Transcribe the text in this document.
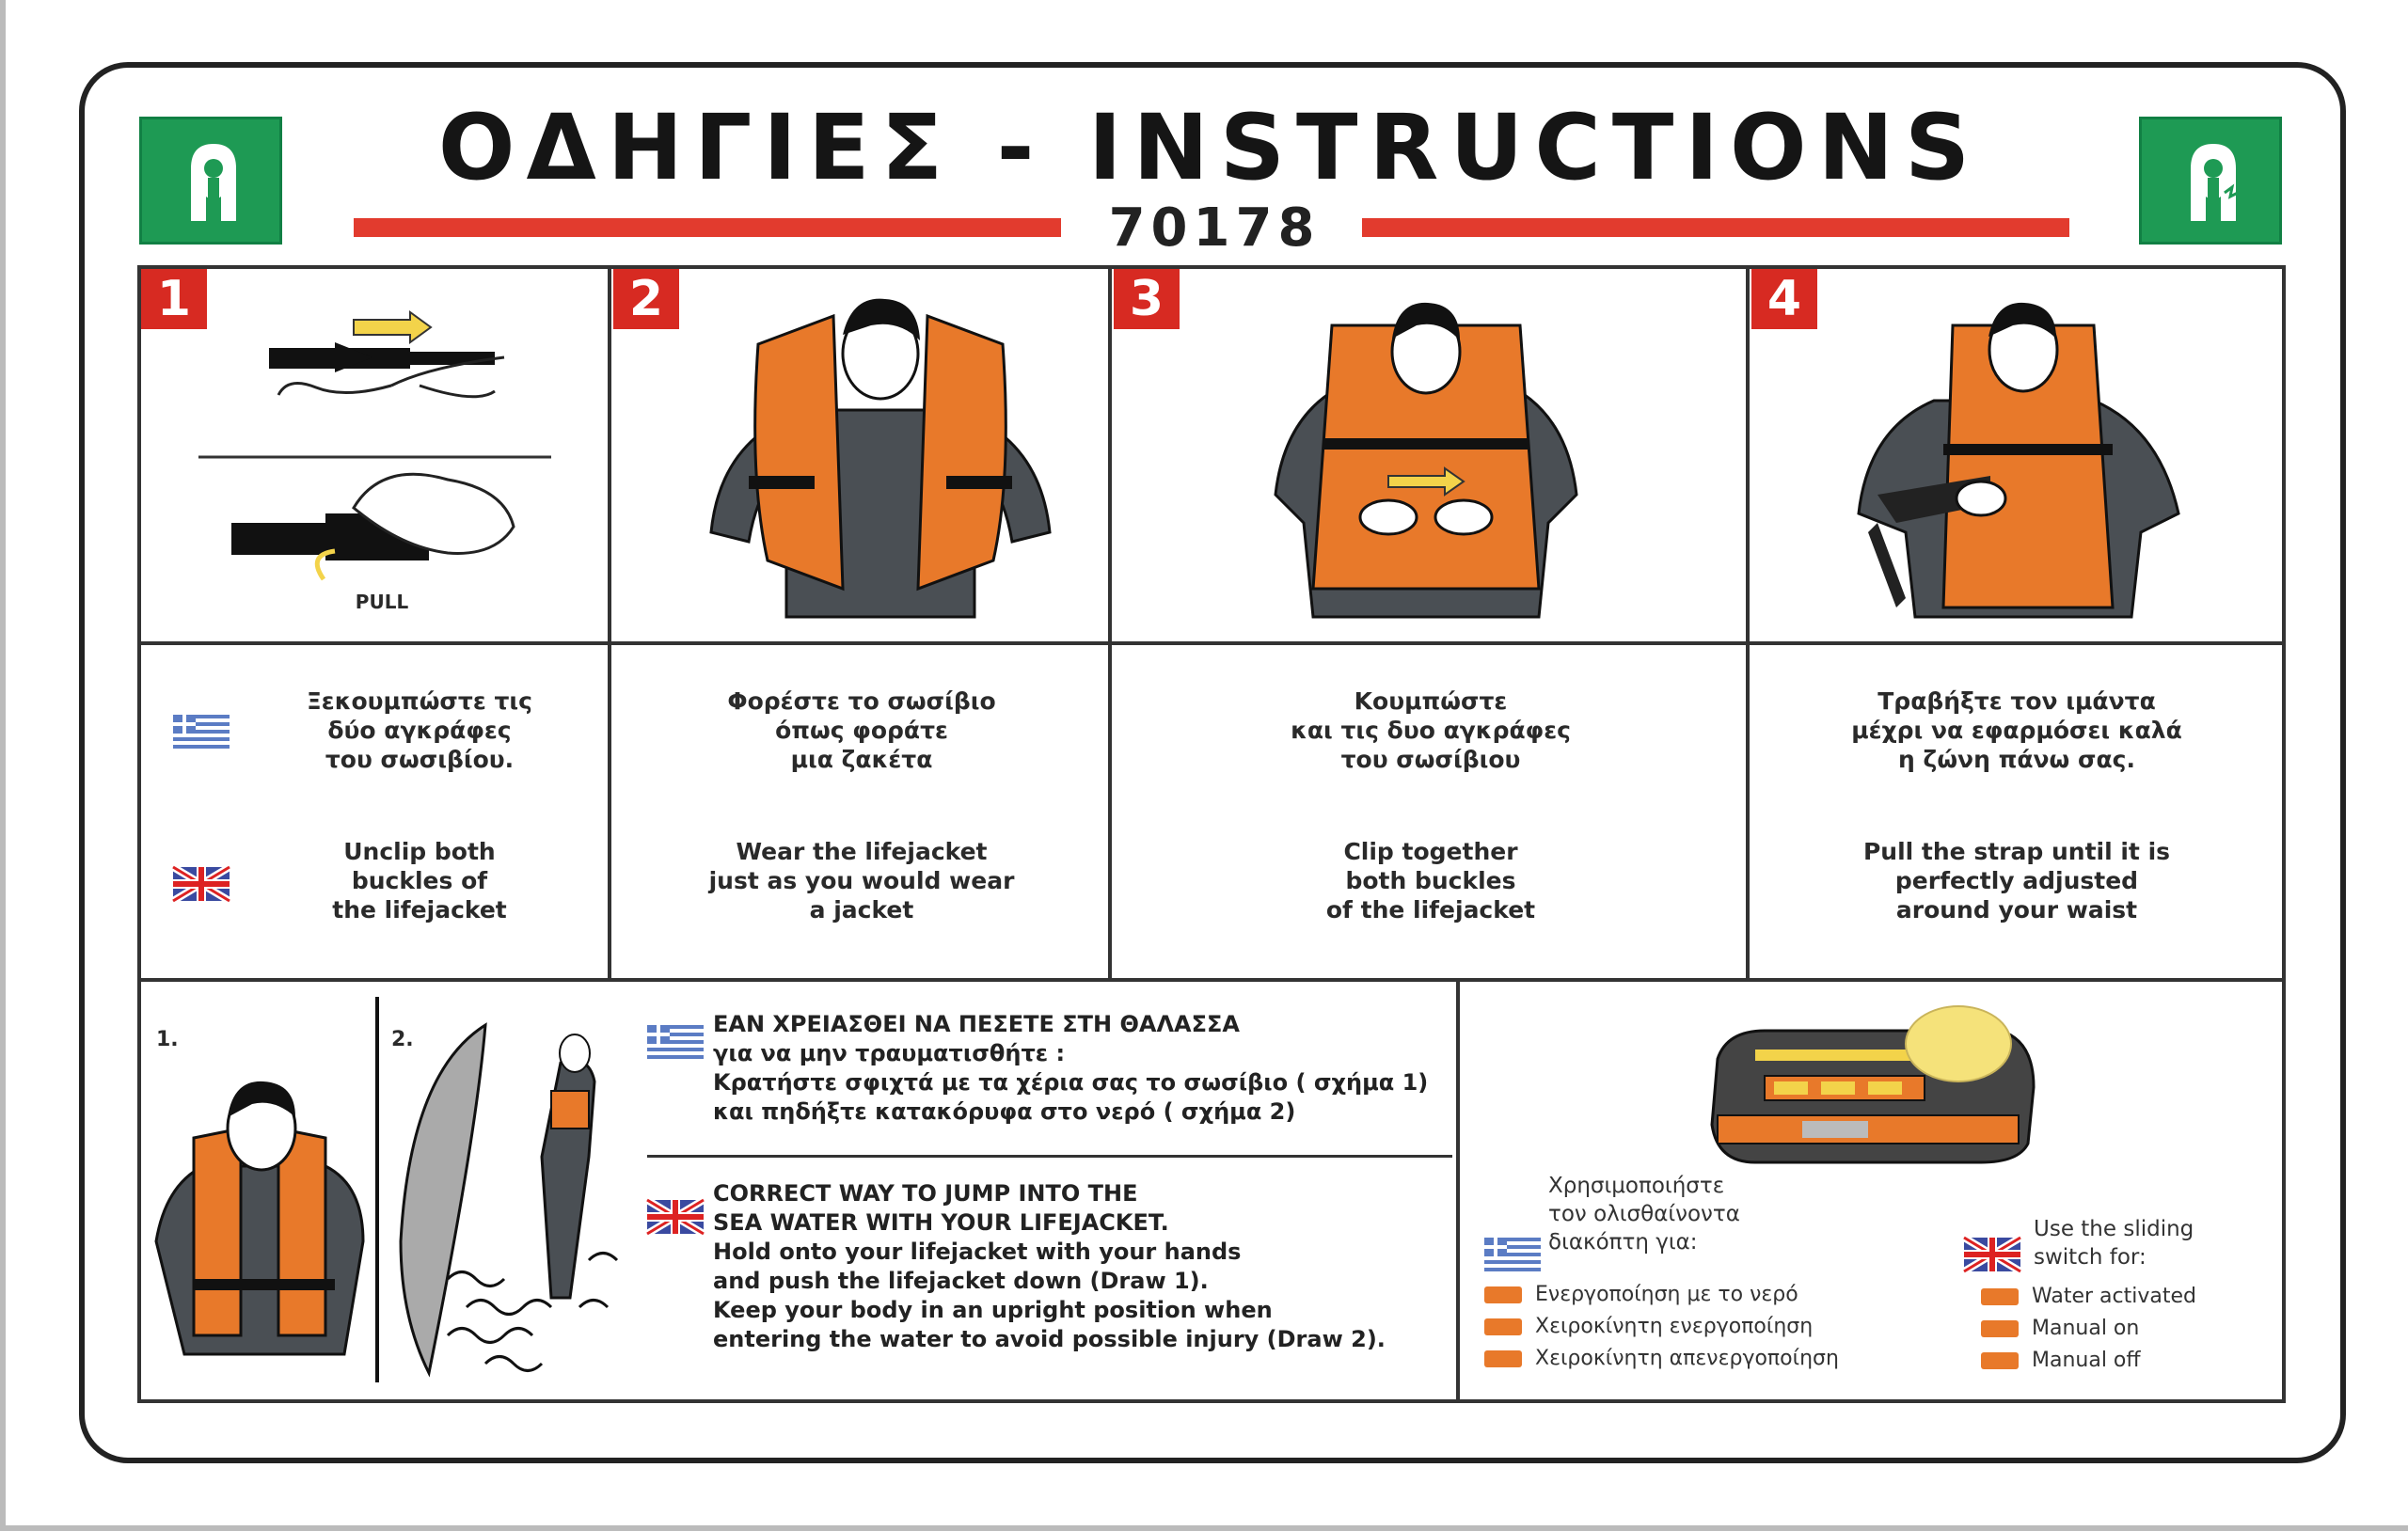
ΟΔΗΓΙΕΣ - INSTRUCTIONS
70178
1	2	3	4
PULL
Ξεκουμπώστε τις
δύο αγκράφες
του σωσιβίου.
Unclip both
buckles of
the lifejacket
Φορέστε το σωσίβιο
όπως φοράτε
μια ζακέτα
Wear the lifejacket
just as you would wear
a jacket
Κουμπώστε
και τις δυο αγκράφες
του σωσίβιου
Clip together
both buckles
of the lifejacket
Τραβήξτε τον ιμάντα
μέχρι να εφαρμόσει καλά
η ζώνη πάνω σας.
Pull the strap until it is
perfectly adjusted
around your waist
1.	2.
ΕΑΝ ΧΡΕΙΑΣΘΕΙ ΝΑ ΠΕΣΕΤΕ ΣΤΗ ΘΑΛΑΣΣΑ
για να μην τραυματισθήτε :
Κρατήστε σφιχτά με τα χέρια σας το σωσίβιο ( σχήμα 1)
και πηδήξτε κατακόρυφα στο νερό ( σχήμα 2)
CORRECT WAY TO JUMP INTO THE
SEA WATER WITH YOUR LIFEJACKET.
Hold onto your lifejacket with your hands
and push the lifejacket down (Draw 1).
Keep your body in an upright position when
entering the water to avoid possible injury (Draw 2).
Χρησιμοποιήστε
τον ολισθαίνοντα
διακόπτη για:
Ενεργοποίηση με το νερό
Χειροκίνητη ενεργοποίηση
Χειροκίνητη απενεργοποίηση
Use the sliding
switch for:
Water activated
Manual on
Manual off
